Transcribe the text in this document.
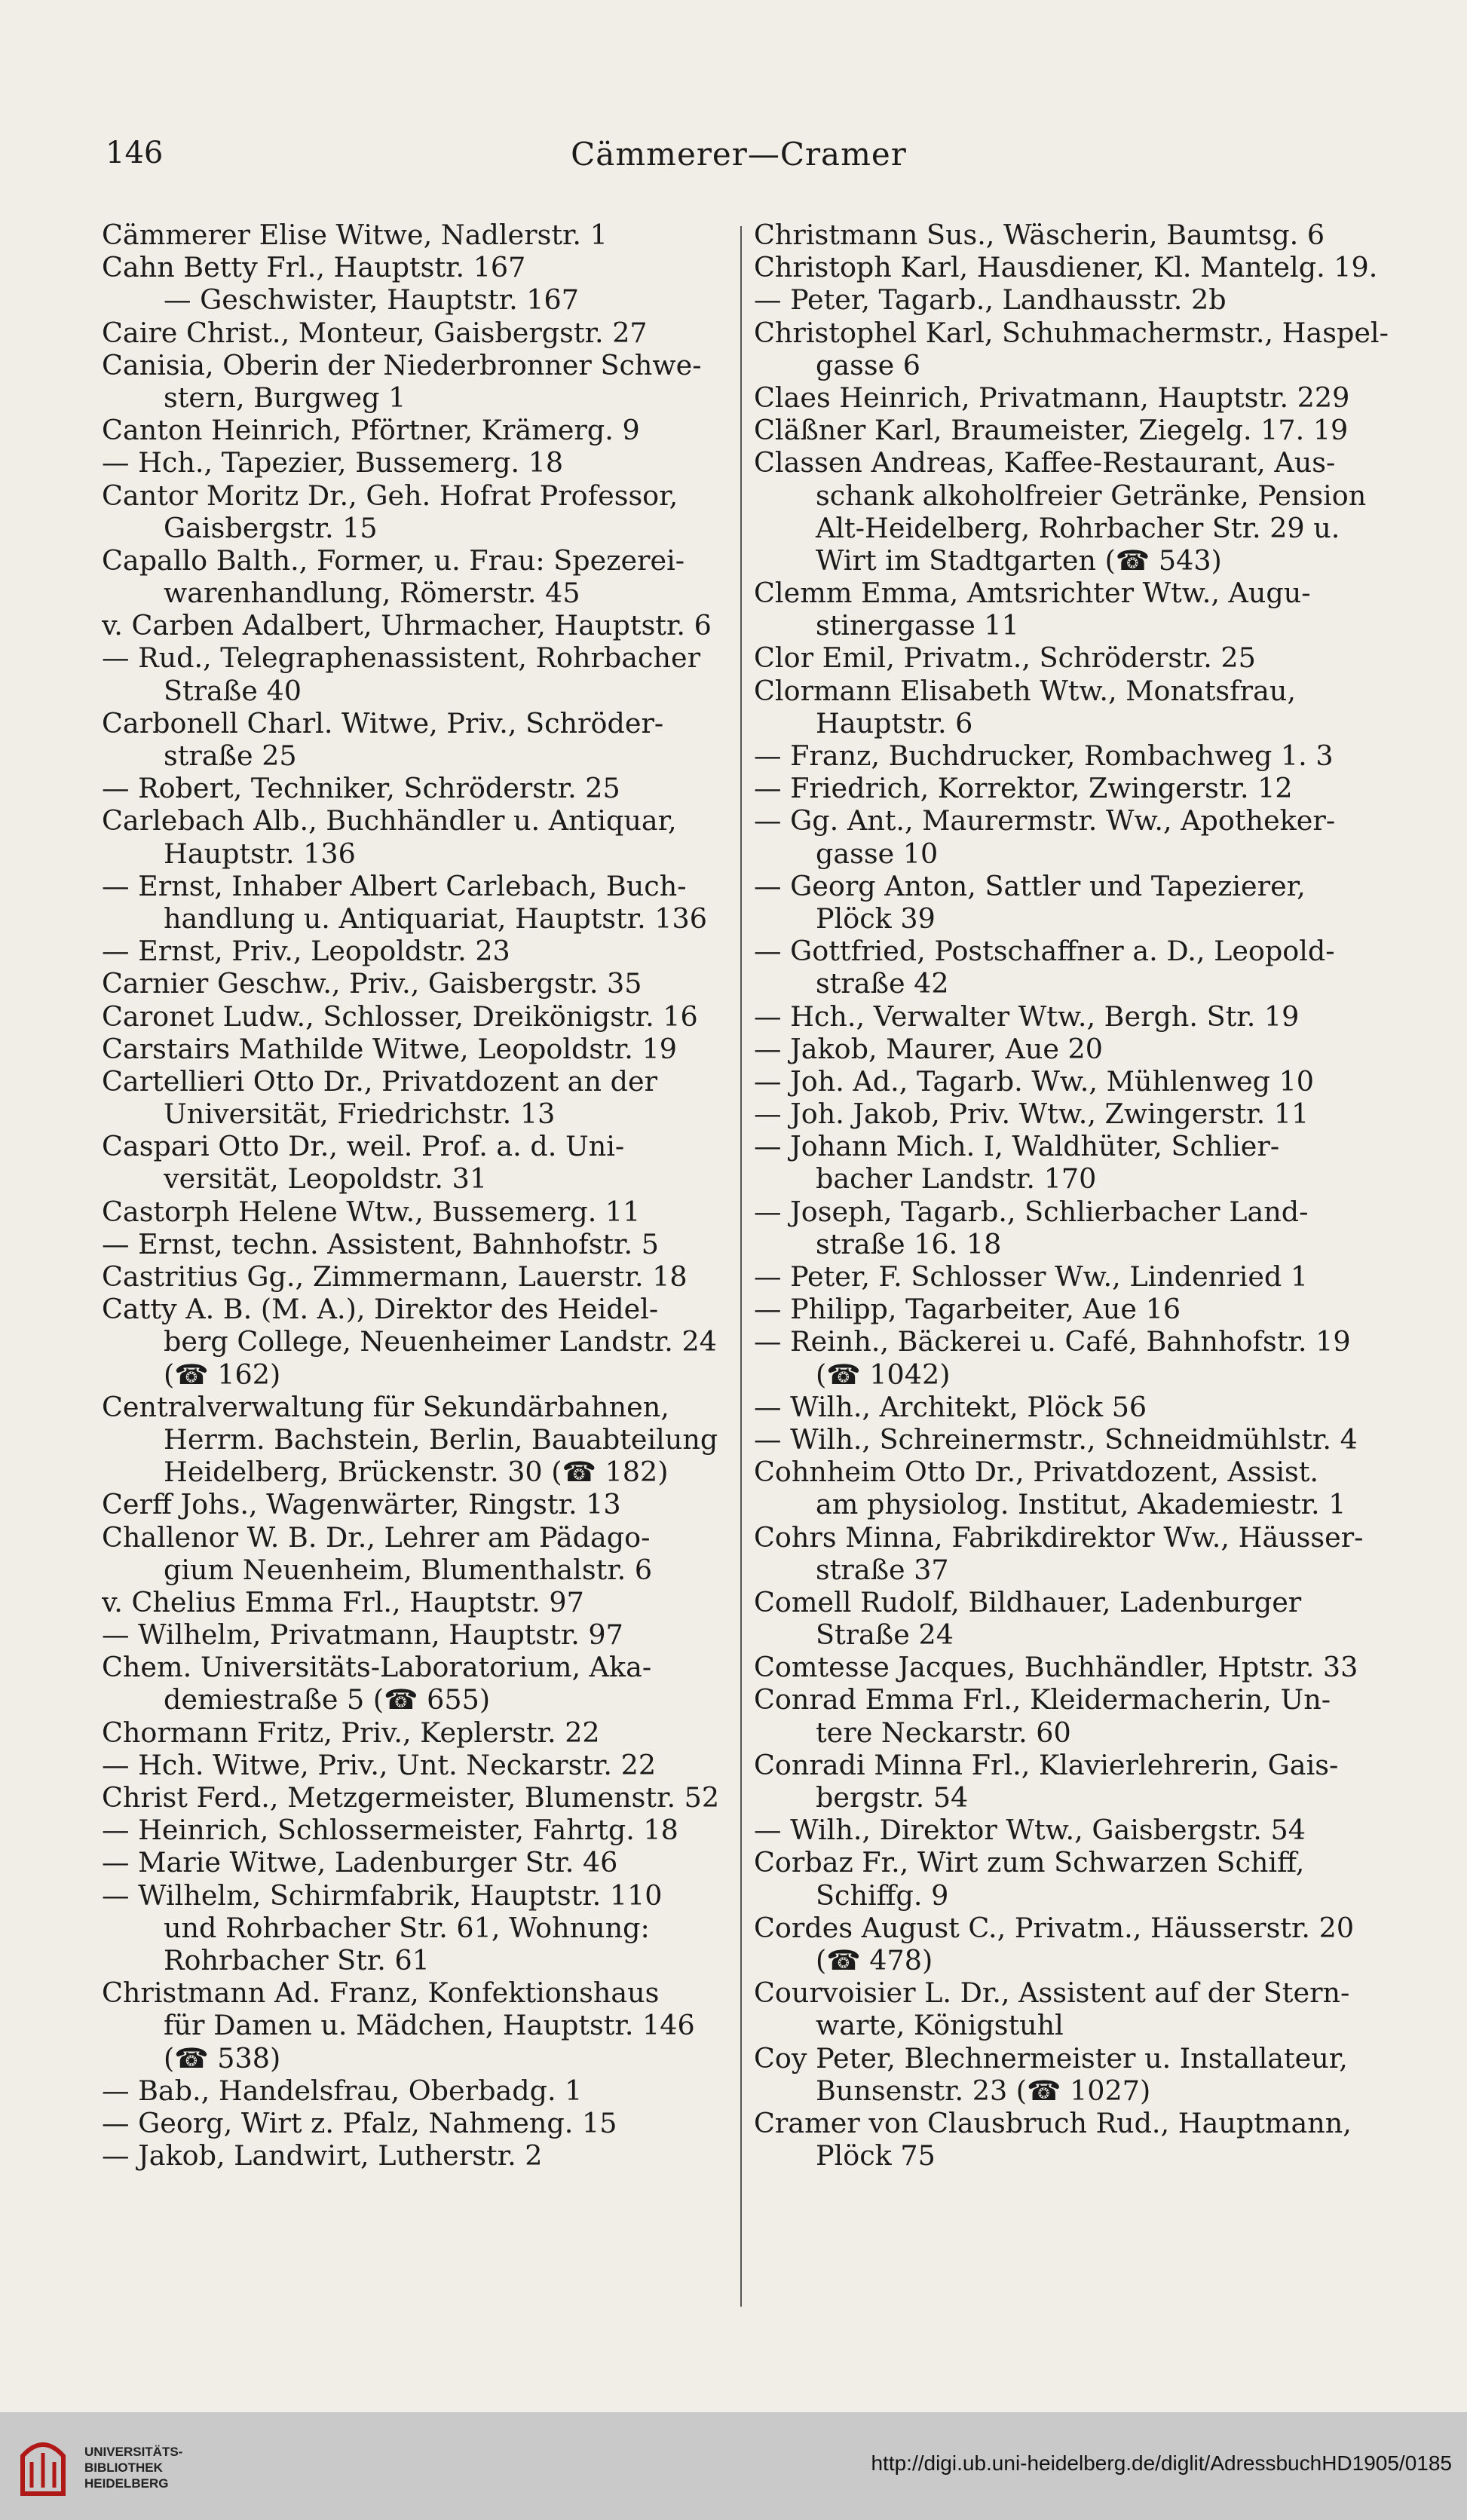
146	Cämmerer—Cramer
Cämmerer Elise Witwe, Nadlerstr. 1
Cahn Betty Frl., Hauptstr. 167
— Geschwister, Hauptstr. 167
Caire Christ., Monteur, Gaisbergstr. 27
Canisia, Oberin der Niederbronner Schwe-
stern, Burgweg 1
Canton Heinrich, Pförtner, Krämerg. 9
— Hch., Tapezier, Bussemerg. 18
Cantor Moritz Dr., Geh. Hofrat Professor,
Gaisbergstr. 15
Capallo Balth., Former, u. Frau: Spezerei-
warenhandlung, Römerstr. 45
v. Carben Adalbert, Uhrmacher, Hauptstr. 6
— Rud., Telegraphenassistent, Rohrbacher
Straße 40
Carbonell Charl. Witwe, Priv., Schröder-
straße 25
— Robert, Techniker, Schröderstr. 25
Carlebach Alb., Buchhändler u. Antiquar,
Hauptstr. 136
— Ernst, Inhaber Albert Carlebach, Buch-
handlung u. Antiquariat, Hauptstr. 136
— Ernst, Priv., Leopoldstr. 23
Carnier Geschw., Priv., Gaisbergstr. 35
Caronet Ludw., Schlosser, Dreikönigstr. 16
Carstairs Mathilde Witwe, Leopoldstr. 19
Cartellieri Otto Dr., Privatdozent an der
Universität, Friedrichstr. 13
Caspari Otto Dr., weil. Prof. a. d. Uni-
versität, Leopoldstr. 31
Castorph Helene Wtw., Bussemerg. 11
— Ernst, techn. Assistent, Bahnhofstr. 5
Castritius Gg., Zimmermann, Lauerstr. 18
Catty A. B. (M. A.), Direktor des Heidel-
berg College, Neuenheimer Landstr. 24
(☎ 162)
Centralverwaltung für Sekundärbahnen,
Herrm. Bachstein, Berlin, Bauabteilung
Heidelberg, Brückenstr. 30 (☎ 182)
Cerff Johs., Wagenwärter, Ringstr. 13
Challenor W. B. Dr., Lehrer am Pädago-
gium Neuenheim, Blumenthalstr. 6
v. Chelius Emma Frl., Hauptstr. 97
— Wilhelm, Privatmann, Hauptstr. 97
Chem. Universitäts-Laboratorium, Aka-
demiestraße 5 (☎ 655)
Chormann Fritz, Priv., Keplerstr. 22
— Hch. Witwe, Priv., Unt. Neckarstr. 22
Christ Ferd., Metzgermeister, Blumenstr. 52
— Heinrich, Schlossermeister, Fahrtg. 18
— Marie Witwe, Ladenburger Str. 46
— Wilhelm, Schirmfabrik, Hauptstr. 110
und Rohrbacher Str. 61, Wohnung:
Rohrbacher Str. 61
Christmann Ad. Franz, Konfektionshaus
für Damen u. Mädchen, Hauptstr. 146
(☎ 538)
— Bab., Handelsfrau, Oberbadg. 1
— Georg, Wirt z. Pfalz, Nahmeng. 15
— Jakob, Landwirt, Lutherstr. 2
Christmann Sus., Wäscherin, Baumtsg. 6
Christoph Karl, Hausdiener, Kl. Mantelg. 19.
— Peter, Tagarb., Landhausstr. 2b
Christophel Karl, Schuhmachermstr., Haspel-
gasse 6
Claes Heinrich, Privatmann, Hauptstr. 229
Cläßner Karl, Braumeister, Ziegelg. 17. 19
Classen Andreas, Kaffee-Restaurant, Aus-
schank alkoholfreier Getränke, Pension
Alt-Heidelberg, Rohrbacher Str. 29 u.
Wirt im Stadtgarten (☎ 543)
Clemm Emma, Amtsrichter Wtw., Augu-
stinergasse 11
Clor Emil, Privatm., Schröderstr. 25
Clormann Elisabeth Wtw., Monatsfrau,
Hauptstr. 6
— Franz, Buchdrucker, Rombachweg 1. 3
— Friedrich, Korrektor, Zwingerstr. 12
— Gg. Ant., Maurermstr. Ww., Apotheker-
gasse 10
— Georg Anton, Sattler und Tapezierer,
Plöck 39
— Gottfried, Postschaffner a. D., Leopold-
straße 42
— Hch., Verwalter Wtw., Bergh. Str. 19
— Jakob, Maurer, Aue 20
— Joh. Ad., Tagarb. Ww., Mühlenweg 10
— Joh. Jakob, Priv. Wtw., Zwingerstr. 11
— Johann Mich. I, Waldhüter, Schlier-
bacher Landstr. 170
— Joseph, Tagarb., Schlierbacher Land-
straße 16. 18
— Peter, F. Schlosser Ww., Lindenried 1
— Philipp, Tagarbeiter, Aue 16
— Reinh., Bäckerei u. Café, Bahnhofstr. 19
(☎ 1042)
— Wilh., Architekt, Plöck 56
— Wilh., Schreinermstr., Schneidmühlstr. 4
Cohnheim Otto Dr., Privatdozent, Assist.
am physiolog. Institut, Akademiestr. 1
Cohrs Minna, Fabrikdirektor Ww., Häusser-
straße 37
Comell Rudolf, Bildhauer, Ladenburger
Straße 24
Comtesse Jacques, Buchhändler, Hptstr. 33
Conrad Emma Frl., Kleidermacherin, Un-
tere Neckarstr. 60
Conradi Minna Frl., Klavierlehrerin, Gais-
bergstr. 54
— Wilh., Direktor Wtw., Gaisbergstr. 54
Corbaz Fr., Wirt zum Schwarzen Schiff,
Schiffg. 9
Cordes August C., Privatm., Häusserstr. 20
(☎ 478)
Courvoisier L. Dr., Assistent auf der Stern-
warte, Königstuhl
Coy Peter, Blechnermeister u. Installateur,
Bunsenstr. 23 (☎ 1027)
Cramer von Clausbruch Rud., Hauptmann,
Plöck 75
UNIVERSITÄTS-
BIBLIOTHEK
HEIDELBERG
http://digi.ub.uni-heidelberg.de/diglit/AdressbuchHD1905/0185
